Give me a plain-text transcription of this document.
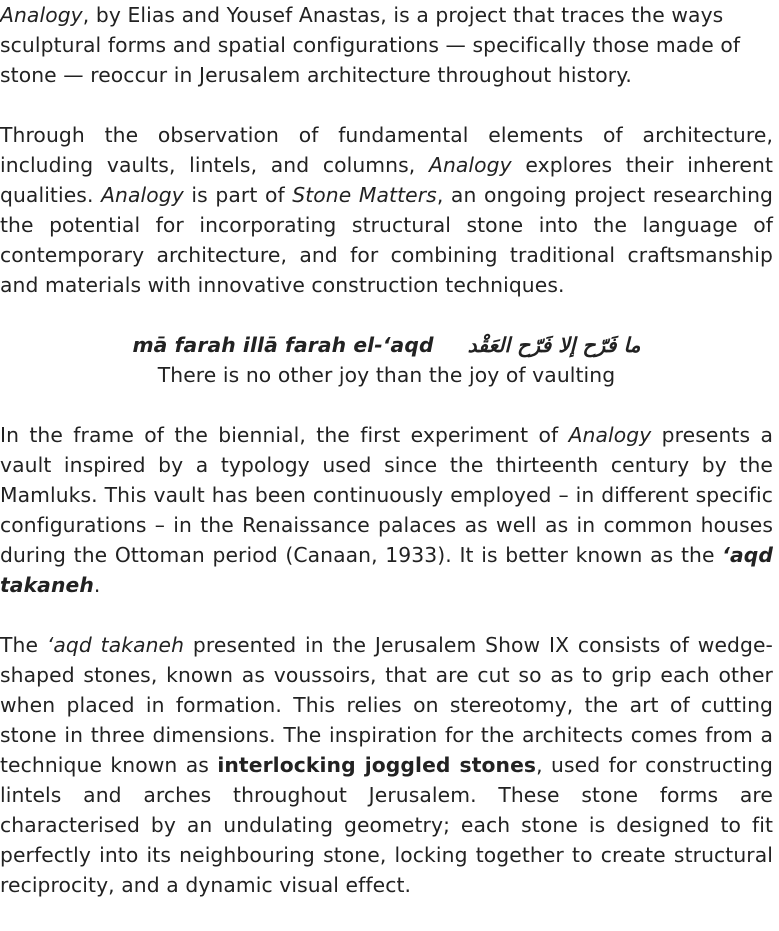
Analogy, by Elias and Yousef Anastas, is a project that traces the ways sculptural forms and spatial configurations — specifically those made of stone — reoccur in Jerusalem architecture throughout history.

Through the observation of fundamental elements of architecture, including vaults, lintels, and columns, Analogy explores their inherent qualities. Analogy is part of Stone Matters, an ongoing project researching the potential for incorporating structural stone into the language of contemporary architecture, and for combining traditional craftsmanship and materials with innovative construction techniques.

mā farah illā farah el-‘aqd ما فَرّح إلا فَرّح العَقْد
There is no other joy than the joy of vaulting

In the frame of the biennial, the first experiment of Analogy presents a vault inspired by a typology used since the thirteenth century by the Mamluks. This vault has been continuously employed – in different specific configurations – in the Renaissance palaces as well as in common houses during the Ottoman period (Canaan, 1933). It is better known as the ‘aqd takaneh.

The ‘aqd takaneh presented in the Jerusalem Show IX consists of wedge-shaped stones, known as voussoirs, that are cut so as to grip each other when placed in formation. This relies on stereotomy, the art of cutting stone in three dimensions. The inspiration for the architects comes from a technique known as interlocking joggled stones, used for constructing lintels and arches throughout Jerusalem. These stone forms are characterised by an undulating geometry; each stone is designed to fit perfectly into its neighbouring stone, locking together to create structural reciprocity, and a dynamic visual effect.
